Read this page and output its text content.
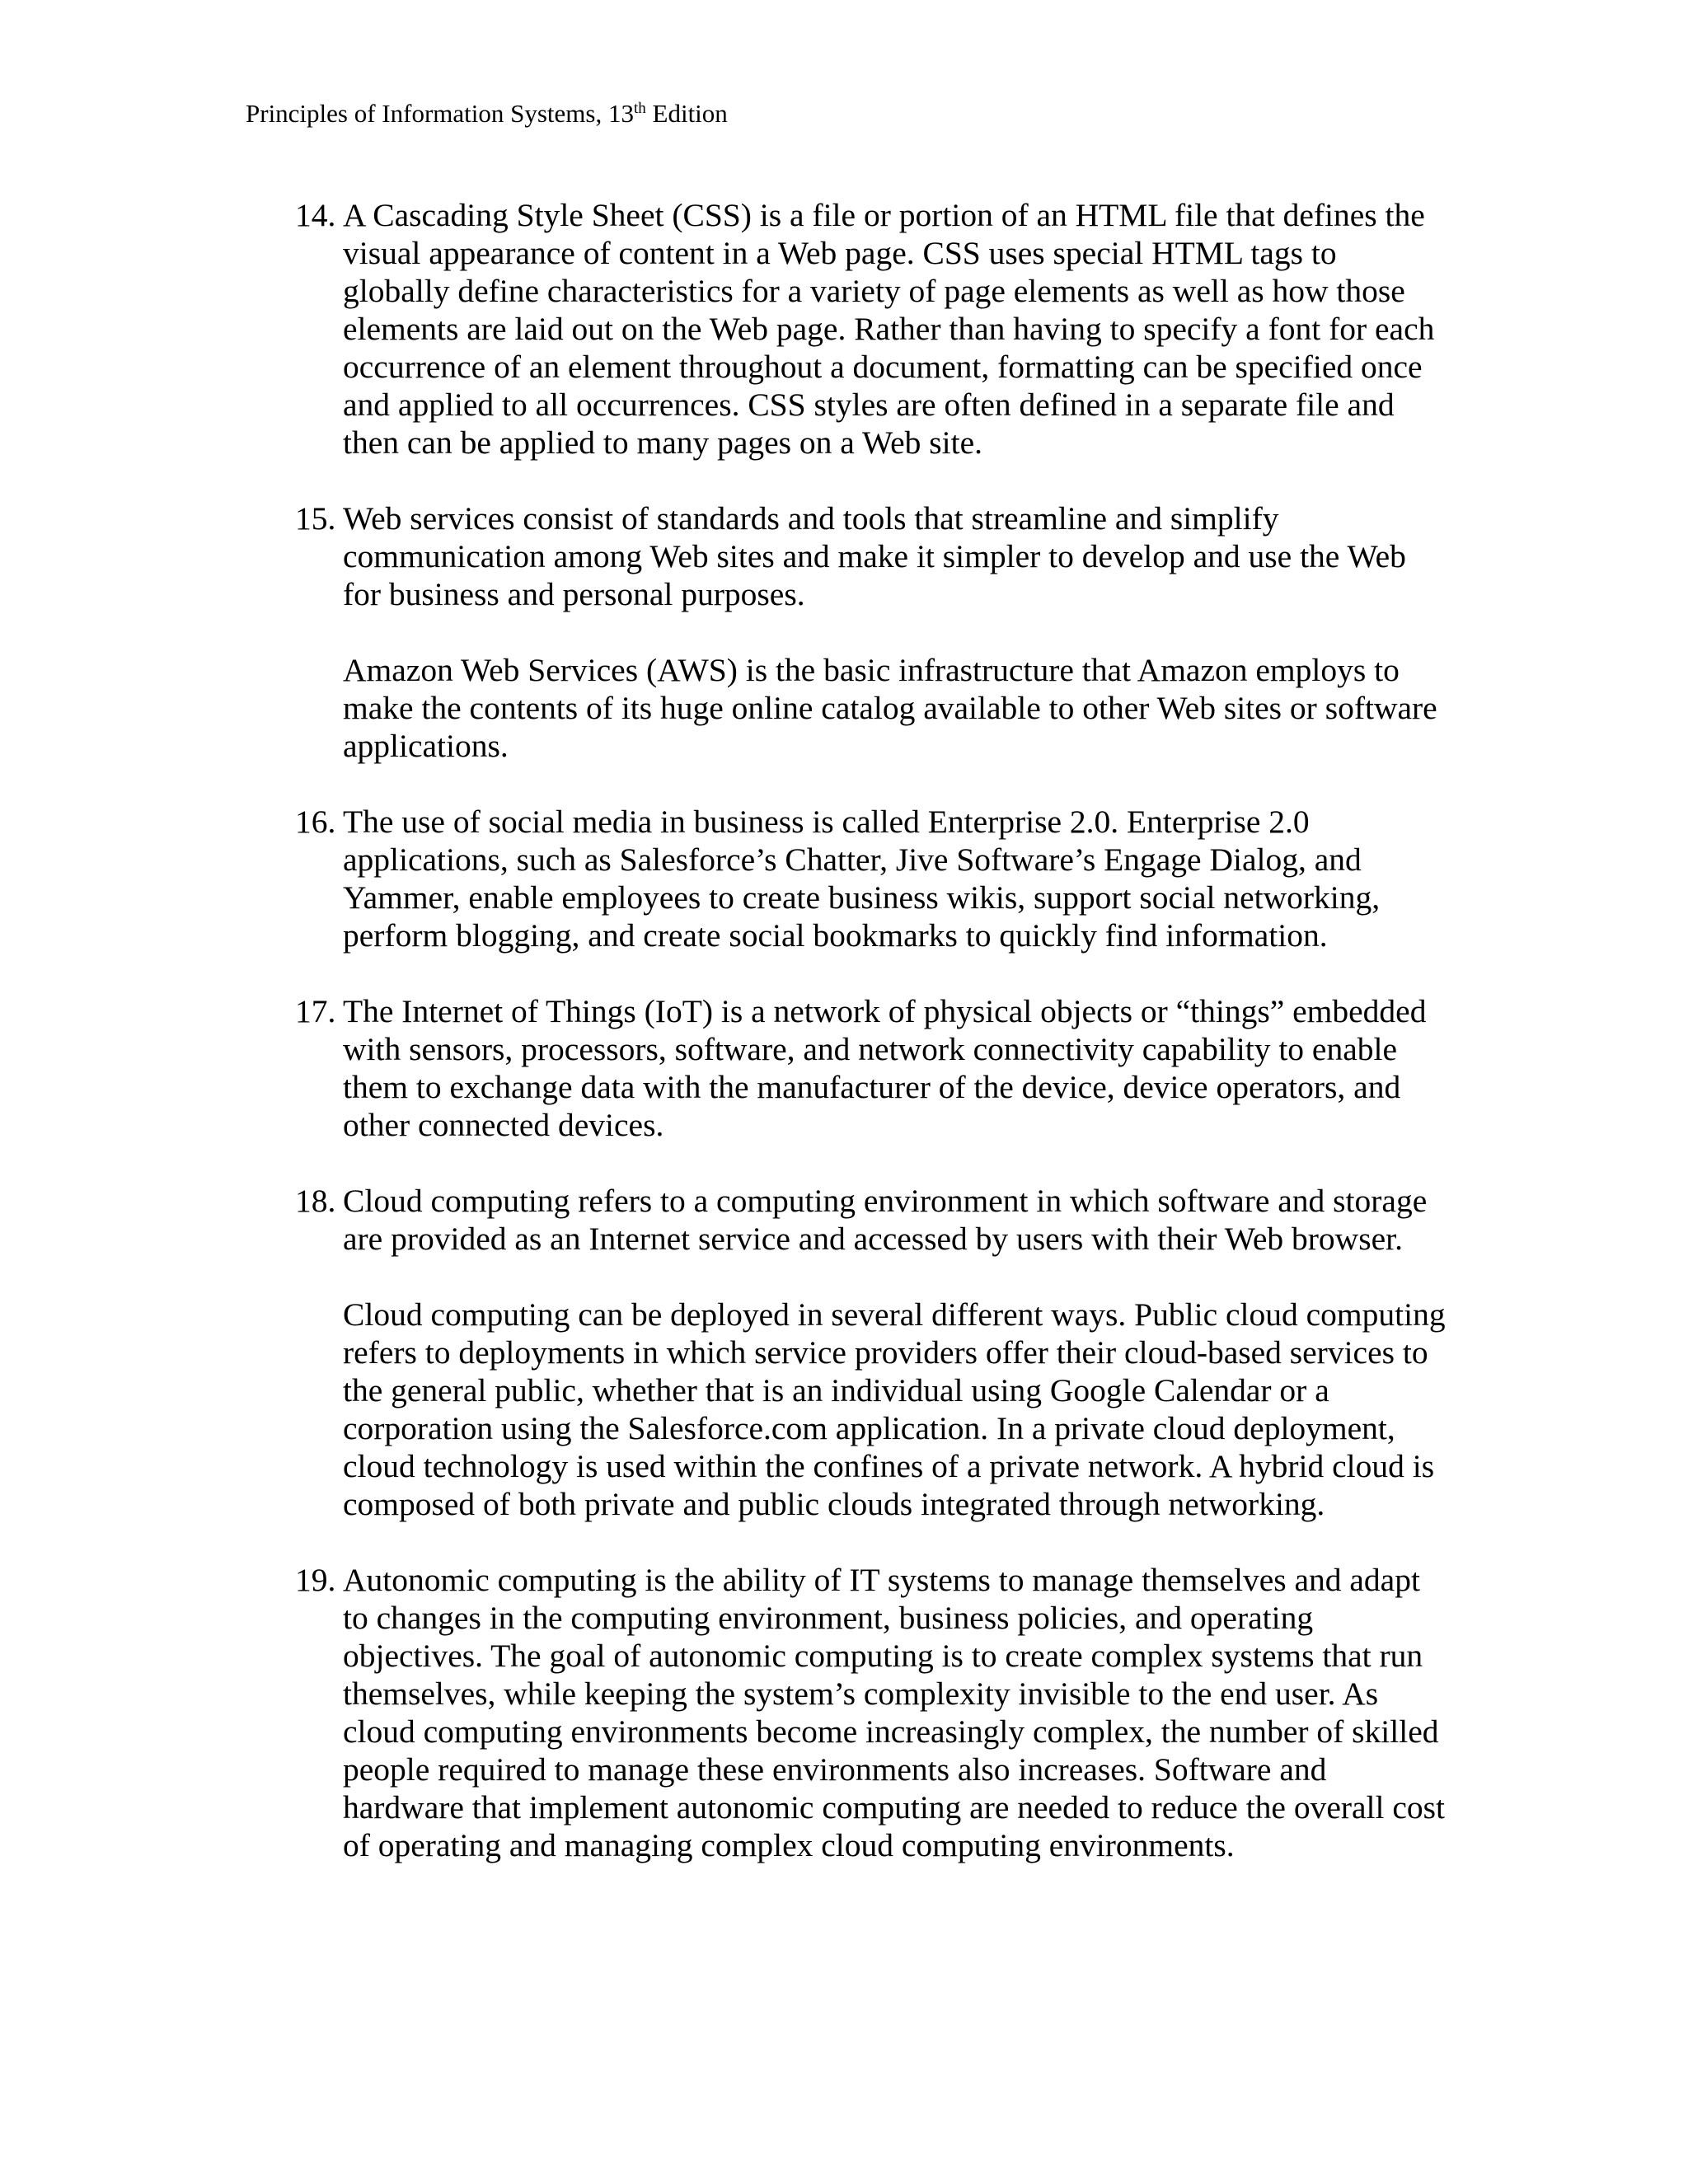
Principles of Information Systems, 13th Edition
14. A Cascading Style Sheet (CSS) is a file or portion of an HTML file that defines the visual appearance of content in a Web page. CSS uses special HTML tags to globally define characteristics for a variety of page elements as well as how those elements are laid out on the Web page. Rather than having to specify a font for each occurrence of an element throughout a document, formatting can be specified once and applied to all occurrences. CSS styles are often defined in a separate file and then can be applied to many pages on a Web site.
15. Web services consist of standards and tools that streamline and simplify communication among Web sites and make it simpler to develop and use the Web for business and personal purposes.
Amazon Web Services (AWS) is the basic infrastructure that Amazon employs to make the contents of its huge online catalog available to other Web sites or software applications.
16. The use of social media in business is called Enterprise 2.0. Enterprise 2.0 applications, such as Salesforce’s Chatter, Jive Software’s Engage Dialog, and Yammer, enable employees to create business wikis, support social networking, perform blogging, and create social bookmarks to quickly find information.
17. The Internet of Things (IoT) is a network of physical objects or “things” embedded with sensors, processors, software, and network connectivity capability to enable them to exchange data with the manufacturer of the device, device operators, and other connected devices.
18. Cloud computing refers to a computing environment in which software and storage are provided as an Internet service and accessed by users with their Web browser.
Cloud computing can be deployed in several different ways. Public cloud computing refers to deployments in which service providers offer their cloud-based services to the general public, whether that is an individual using Google Calendar or a corporation using the Salesforce.com application. In a private cloud deployment, cloud technology is used within the confines of a private network. A hybrid cloud is composed of both private and public clouds integrated through networking.
19. Autonomic computing is the ability of IT systems to manage themselves and adapt to changes in the computing environment, business policies, and operating objectives. The goal of autonomic computing is to create complex systems that run themselves, while keeping the system’s complexity invisible to the end user. As cloud computing environments become increasingly complex, the number of skilled people required to manage these environments also increases. Software and hardware that implement autonomic computing are needed to reduce the overall cost of operating and managing complex cloud computing environments.
